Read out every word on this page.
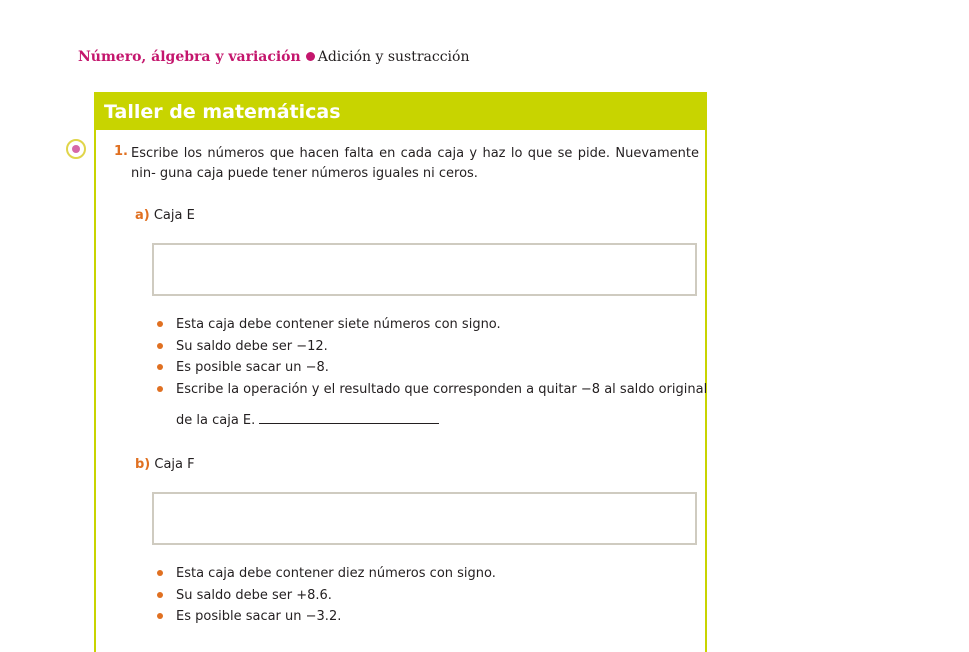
Número, álgebra y variación Adición y sustracción
Taller de matemáticas
1. Escribe los números que hacen falta en cada caja y haz lo que se pide. Nuevamente nin- guna caja puede tener números iguales ni ceros.
a) Caja E
Esta caja debe contener siete números con signo.
Su saldo debe ser −12.
Es posible sacar un −8.
Escribe la operación y el resultado que corresponden a quitar −8 al saldo original
de la caja E.
b) Caja F
Esta caja debe contener diez números con signo.
Su saldo debe ser +8.6.
Es posible sacar un −3.2.
